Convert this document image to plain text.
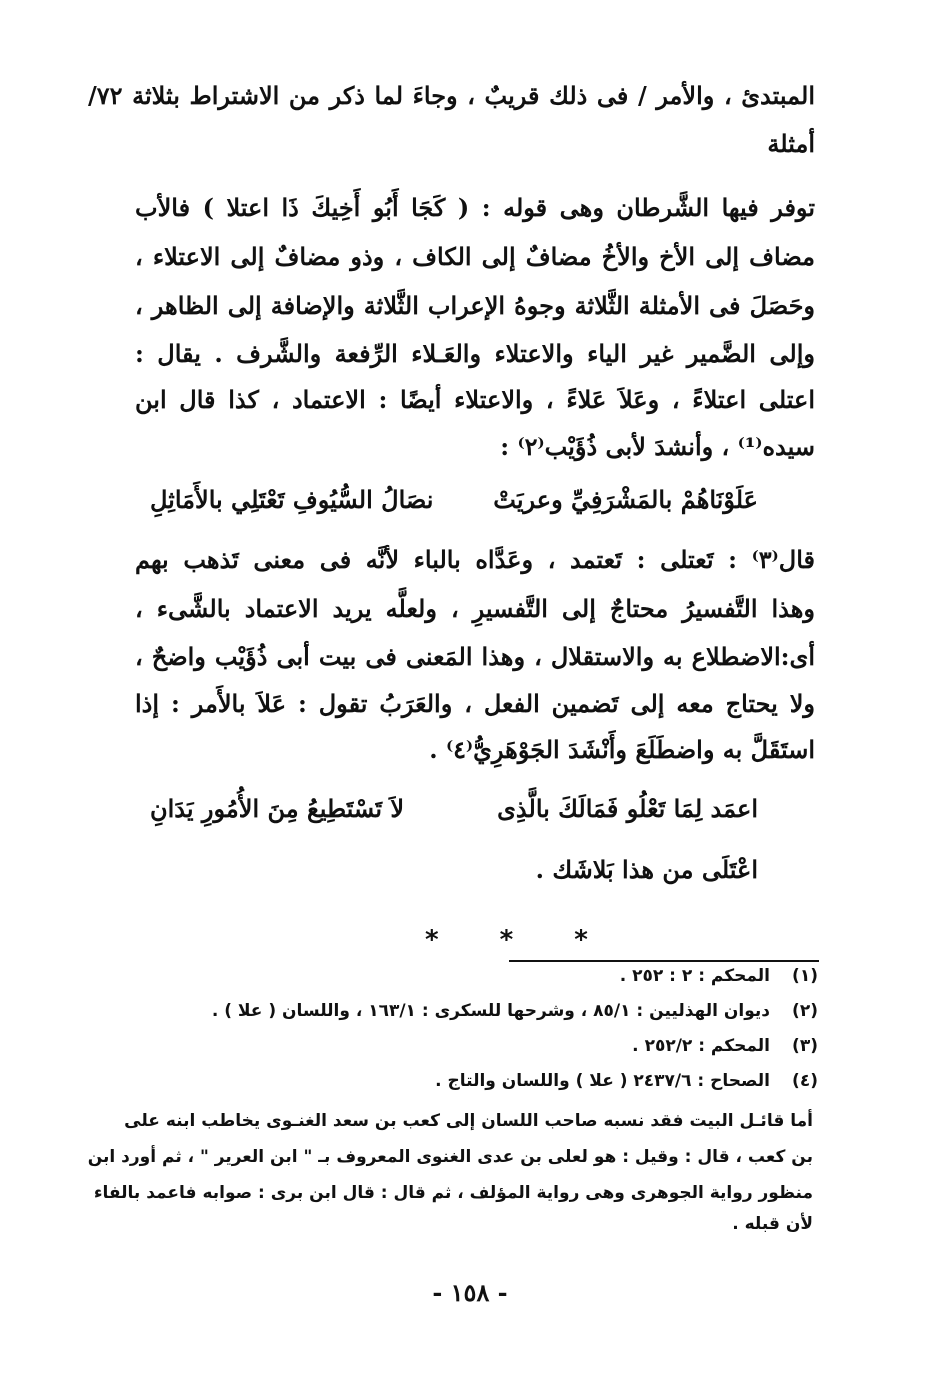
المبتدئ ، والأمر / فى ذلك قريبٌ ، وجاءَ لما ذكر من الاشتراط بثلاثة ٧٢/
أمثلة
توفر فيها الشَّرطان وهى قوله : ( كَجَا أَبُو أَخِيكَ ذَا اعتلا ) فالأب
مضاف إلى الأخ والأخُ مضافٌ إلى الكاف ، وذو مضافٌ إلى الاعتلاء ،
وحَصَلَ فى الأمثلة الثَّلاثة وجوهُ الإعراب الثَّلاثة والإضافة إلى الظاهر ،
وإلى الضَّمير غير الياء والاعتلاء والعَـلاء الرِّفعة والشَّرف . يقال :
اعتلى اعتلاءً ، وعَلاَ عَلاءً ، والاعتلاء أيضًا : الاعتماد ، كذا قال ابن
سيده⁽¹⁾ ، وأنشدَ لأبى ذُؤَيْب⁽٢⁾ :
عَلَوْنَاهُمْ بالمَشْرَفِيِّ وعريَتْ
نصَالُ السُّيُوفِ تَعْتَلِي بالأَمَاثِلِ
قال⁽٣⁾ : تَعتلى : تَعتمد ، وعَدَّاه بالباء لأنَّه فى معنى تَذهب بهم
وهذا التَّفسيرُ محتاجٌ إلى التَّفسيرِ ، ولعلَّه يريد الاعتماد بالشَّىء ،
أى:الاضطلاع به والاستقلال ، وهذا المَعنى فى بيت أبى ذُؤَيْب واضحٌ ،
ولا يحتاج معه إلى تَضمين الفعل ، والعَرَبُ تقول : عَلاَ بالأَمر : إذا
استَقَلَّ به واضطَلَعَ وأَنْشَدَ الجَوْهَرِيُّ⁽٤⁾ .
اعمَد لِمَا تَعْلُو فَمَالَكَ بالَّذِى
لاَ تَسْتَطِيعُ مِنَ الأُمُورِ يَدَانِ
اعْتَلَى من هذا بَلاشَك .
* * *
(١)
المحكم : ٢ : ٢٥٢ .
(٢)
ديوان الهذليين : ٨٥/١ ، وشرحها للسكرى : ١٦٣/١ ، واللسان ( علا ) .
(٣)
المحكم : ٢٥٢/٢ .
(٤)
الصحاح : ٢٤٣٧/٦ ( علا ) واللسان والتاج .
أما قائـل البيت فقد نسبه صاحب اللسان إلى كعب بن سعد الغنـوى يخاطب ابنه على
بن كعب ، قال : وقيل : هو لعلى بن عدى الغنوى المعروف بـ " ابن العرير " ، ثم أورد ابن
منظور رواية الجوهرى وهى رواية المؤلف ، ثم قال : قال ابن برى : صوابه فاعمد بالفاء
لأن قبله .
- ١٥٨ -
